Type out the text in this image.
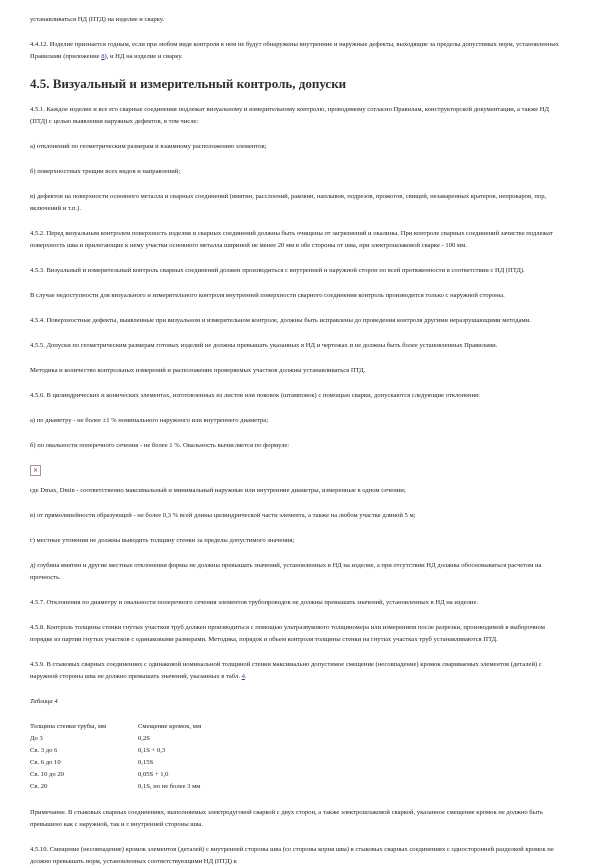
устанавливаться НД (ПТД) на изделие и сварку.

4.4.12. Изделие признается годным, если при любом виде контроля в нем не будут обнаружены внутренние и наружные дефекты, выходящие за пределы допустимых норм, установленных Правилами (приложение 8), и НД на изделие и сварку.

4.5. Визуальный и измерительный контроль, допуски

4.5.1. Каждое изделие и все его сварные соединения подлежат визуальному и измерительному контролю, проводимому согласно Правилам, конструкторской документации, а также НД (ПТД) с целью выявления наружных дефектов, в том числе:

а) отклонений по геометрическим размерам и взаимному расположению элементов;

б) поверхностных трещин всех видов и направлений;

в) дефектов на поверхности основного металла и сварных соединений (вмятин, расслоений, раковин, наплывов, подрезов, прожогов, свищей, незаваренных кратеров, непроваров, пор, включений и т.п.).

4.5.2. Перед визуальным контролем поверхность изделия и сварных соединений должны быть очищены от загрязнений и окалины. При контроле сварных соединений зачистке подлежат поверхность шва и прилегающие к нему участки основного металла шириной не менее 20 мм в обе стороны от шва, при электрошлаковой сварке - 100 мм.

4.5.3. Визуальный и измерительный контроль сварных соединений должен производиться с внутренней и наружной сторон по всей протяженности в соответствии с НД (ПТД).

В случае недоступности для визуального и измерительного контроля внутренней поверхности сварного соединения контроль производится только с наружной стороны.

4.5.4. Поверхностные дефекты, выявленные при визуальном и измерительном контроле, должны быть исправлены до проведения контроля другими неразрушающими методами.

4.5.5. Допуски по геометрическим размерам готовых изделий не должны превышать указанных в НД и чертежах и не должны быть более установленных Правилами.

Методика и количество контрольных измерений и расположение проверяемых участков должны устанавливаться ПТД.

4.5.6. В цилиндрических и конических элементах, изготовленных из листов или поковок (штамповок) с помощью сварки, допускаются следующие отклонения:

а) по диаметру - не более ±1 % номинального наружного или внутреннего диаметра;

б) по овальности поперечного сечения - не более 1 %. Овальность вычисляется по формуле:

×

где Dmax, Dmin - соответственно максимальный и минимальный наружные или внутренние диаметры, измеренные в одном сечении;

в) от прямолинейности образующей - не более 0,3 % всей длины цилиндрической части элемента, а также на любом участке длиной 5 м;

г) местные утонения не должны выводить толщину стенки за пределы допустимого значения;

д) глубина вмятин и другие местные отклонения формы не должны превышать значений, установленных в НД на изделие, а при отсутствии НД должны обосновываться расчетом на прочность.

4.5.7. Отклонения по диаметру и овальности поперечного сечения элементов трубопроводов не должны превышать значений, установленных в НД на изделие.

4.5.8. Контроль толщины стенки гнутых участков труб должен производиться с помощью ультразвукового толщиномера или измерением после разрезки, производимой в выборочном порядке из партии гнутых участков с одинаковыми размерами. Методика, порядок и объем контроля толщины стенки на гнутых участках труб устанавливаются ПТД.

4.5.9. В стыковых сварных соединениях с одинаковой номинальной толщиной стенки максимально допустимое смещение (несовпадение) кромок свариваемых элементов (деталей) с наружной стороны шва не должно превышать значений, указанных в табл. 4.

Таблица 4

Толщина стенки трубы, мм	Смещение кромок, мм
До 3	0,2S
Св. 3 до 6	0,1S + 0,3
Св. 6 до 10	0,15S
Св. 10 до 20	0,05S + 1,0
Св. 20	0,1S, но не более 3 мм

Примечание. В стыковых сварных соединениях, выполняемых электродуговой сваркой с двух сторон, а также электрошлаковой сваркой, указанное смещение кромок не должно быть превышено как с наружной, так и с внутренней стороны шва.

4.5.10. Смещение (несовпадение) кромок элементов (деталей) с внутренней стороны шва (со стороны корня шва) в стыковых сварных соединениях с односторонней разделкой кромок не должно превышать норм, установленных соответствующими НД (ПТД) к
